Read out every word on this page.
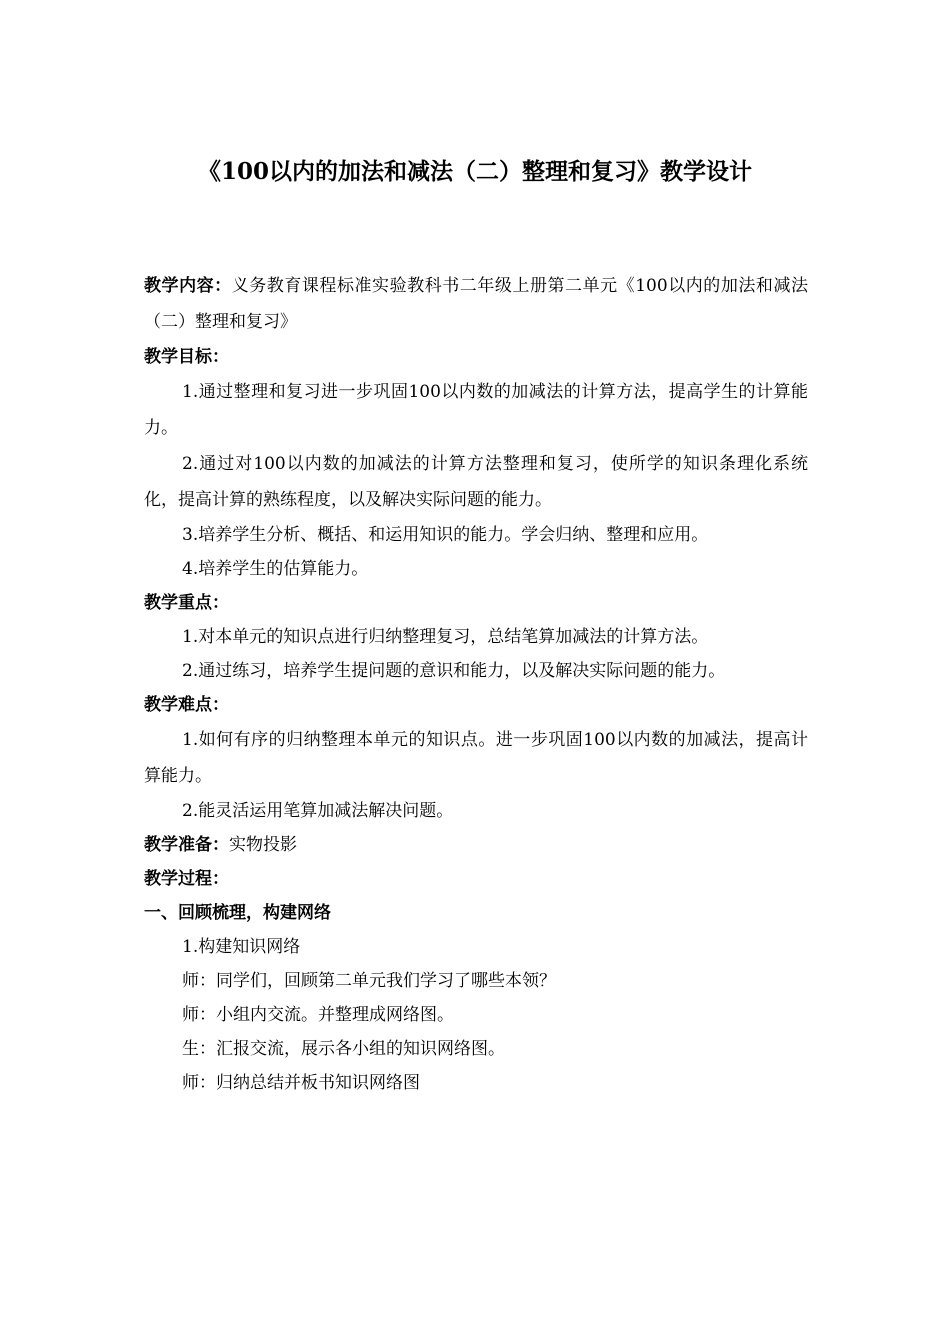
《100以内的加法和减法（二）整理和复习》教学设计
教学内容：义务教育课程标准实验教科书二年级上册第二单元《100以内的加法和减法（二）整理和复习》
教学目标：
1.通过整理和复习进一步巩固100以内数的加减法的计算方法，提高学生的计算能力。
2.通过对100以内数的加减法的计算方法整理和复习，使所学的知识条理化系统化，提高计算的熟练程度，以及解决实际问题的能力。
3.培养学生分析、概括、和运用知识的能力。学会归纳、整理和应用。
4.培养学生的估算能力。
教学重点：
1.对本单元的知识点进行归纳整理复习，总结笔算加减法的计算方法。
2.通过练习，培养学生提问题的意识和能力，以及解决实际问题的能力。
教学难点：
1.如何有序的归纳整理本单元的知识点。进一步巩固100以内数的加减法，提高计算能力。
2.能灵活运用笔算加减法解决问题。
教学准备：实物投影
教学过程：
一、回顾梳理，构建网络
1.构建知识网络
师：同学们，回顾第二单元我们学习了哪些本领？
师：小组内交流。并整理成网络图。
生：汇报交流，展示各小组的知识网络图。
师：归纳总结并板书知识网络图
